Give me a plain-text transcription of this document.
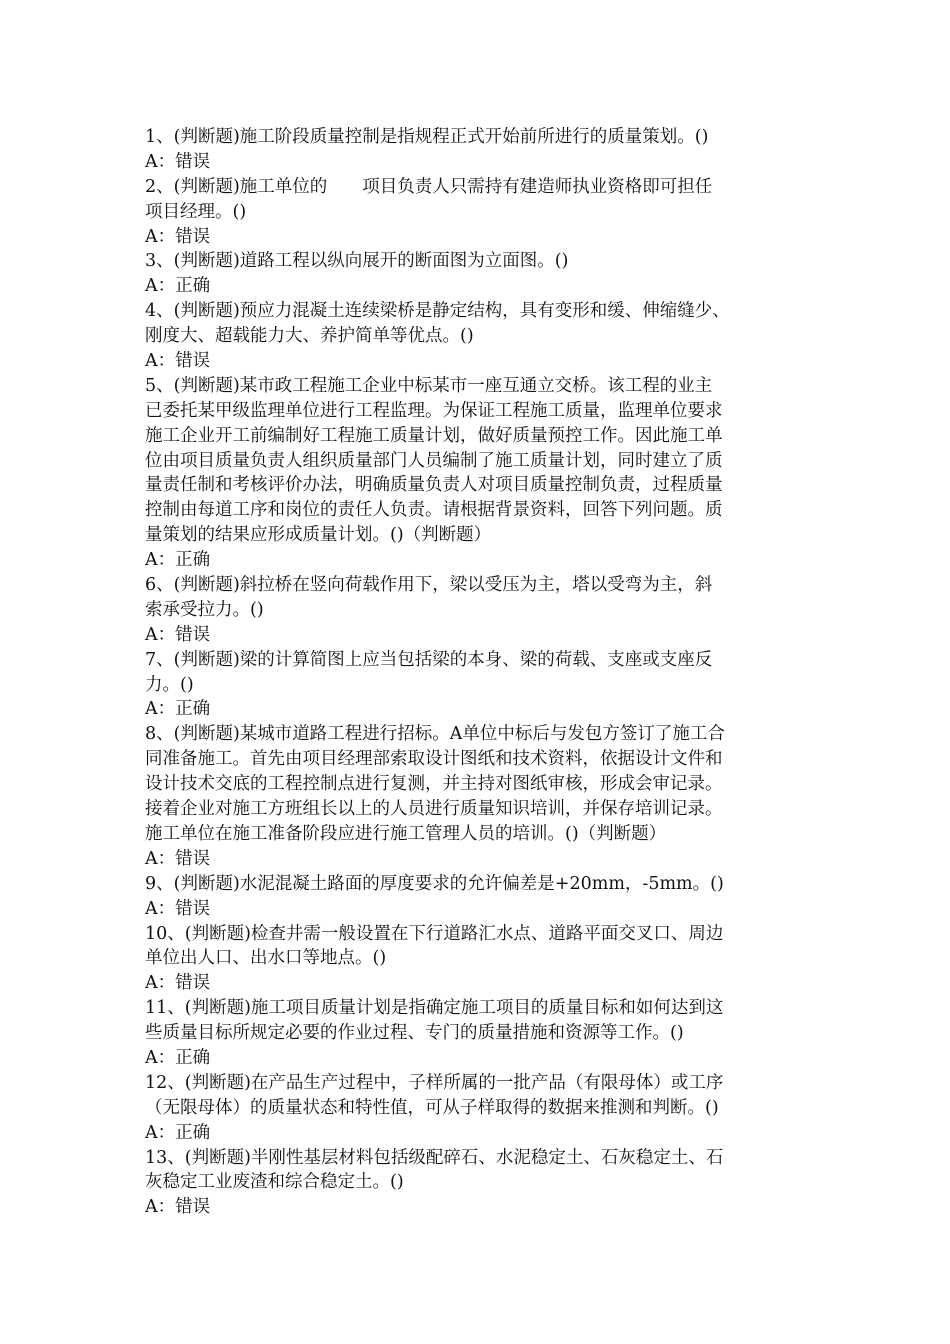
1、(判断题)施工阶段质量控制是指规程正式开始前所进行的质量策划。()
A：错误
2、(判断题)施工单位的　　项目负责人只需持有建造师执业资格即可担任
项目经理。()
A：错误
3、(判断题)道路工程以纵向展开的断面图为立面图。()
A：正确
4、(判断题)预应力混凝土连续梁桥是静定结构，具有变形和缓、伸缩缝少、
刚度大、超载能力大、养护简单等优点。()
A：错误
5、(判断题)某市政工程施工企业中标某市一座互通立交桥。该工程的业主
已委托某甲级监理单位进行工程监理。为保证工程施工质量，监理单位要求
施工企业开工前编制好工程施工质量计划，做好质量预控工作。因此施工单
位由项目质量负责人组织质量部门人员编制了施工质量计划，同时建立了质
量责任制和考核评价办法，明确质量负责人对项目质量控制负责，过程质量
控制由每道工序和岗位的责任人负责。请根据背景资料，回答下列问题。质
量策划的结果应形成质量计划。()（判断题）
A：正确
6、(判断题)斜拉桥在竖向荷载作用下，梁以受压为主，塔以受弯为主，斜
索承受拉力。()
A：错误
7、(判断题)梁的计算简图上应当包括梁的本身、梁的荷载、支座或支座反
力。()
A：正确
8、(判断题)某城市道路工程进行招标。A单位中标后与发包方签订了施工合
同准备施工。首先由项目经理部索取设计图纸和技术资料，依据设计文件和
设计技术交底的工程控制点进行复测，并主持对图纸审核，形成会审记录。
接着企业对施工方班组长以上的人员进行质量知识培训，并保存培训记录。
施工单位在施工准备阶段应进行施工管理人员的培训。()（判断题）
A：错误
9、(判断题)水泥混凝土路面的厚度要求的允许偏差是+20mm，-5mm。()
A：错误
10、(判断题)检查井需一般设置在下行道路汇水点、道路平面交叉口、周边
单位出人口、出水口等地点。()
A：错误
11、(判断题)施工项目质量计划是指确定施工项目的质量目标和如何达到这
些质量目标所规定必要的作业过程、专门的质量措施和资源等工作。()
A：正确
12、(判断题)在产品生产过程中，子样所属的一批产品（有限母体）或工序
（无限母体）的质量状态和特性值，可从子样取得的数据来推测和判断。()
A：正确
13、(判断题)半刚性基层材料包括级配碎石、水泥稳定土、石灰稳定土、石
灰稳定工业废渣和综合稳定土。()
A：错误
